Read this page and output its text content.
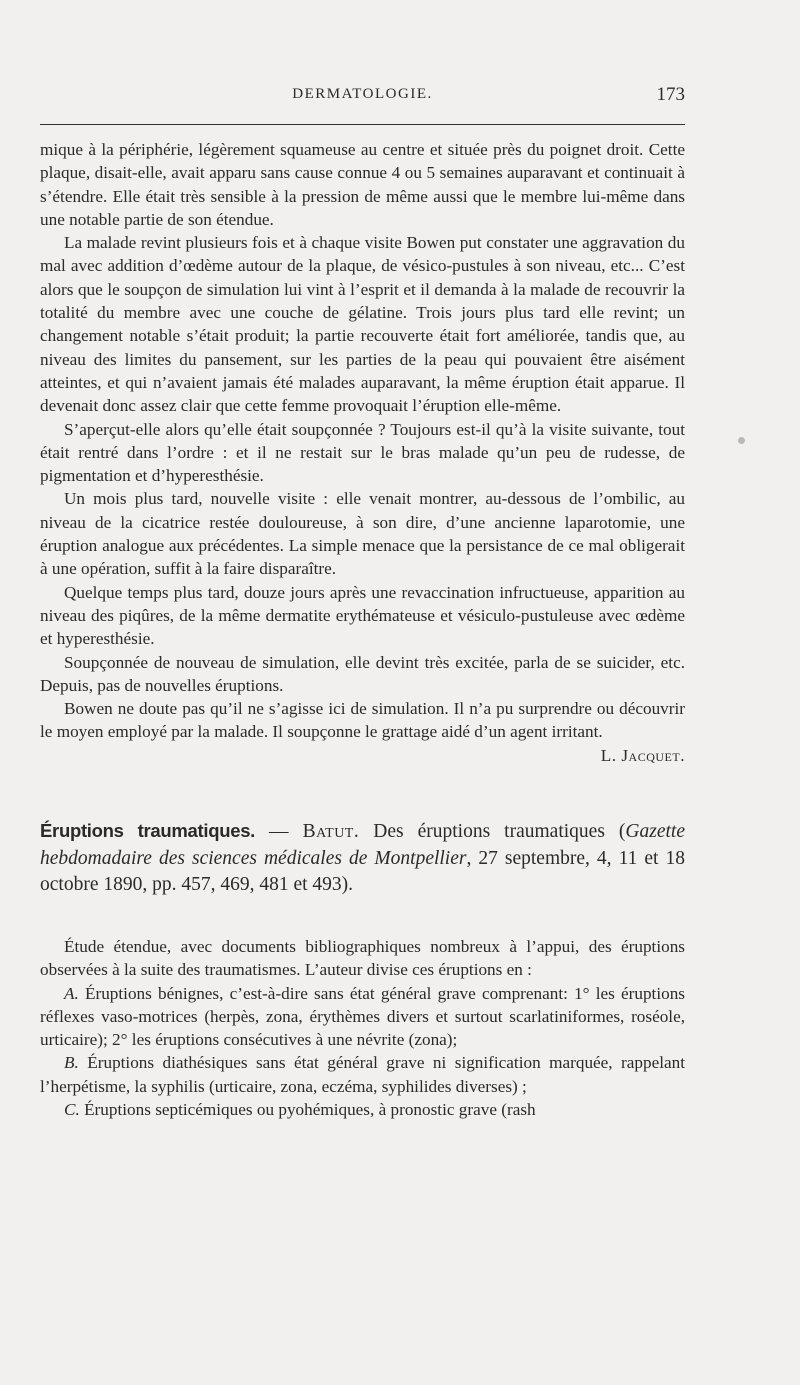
DERMATOLOGIE.	173

mique à la périphérie, légèrement squameuse au centre et située près du poignet droit. Cette plaque, disait-elle, avait apparu sans cause connue 4 ou 5 semaines auparavant et continuait à s’étendre. Elle était très sensible à la pression de même aussi que le membre lui-même dans une notable partie de son étendue.

La malade revint plusieurs fois et à chaque visite Bowen put constater une aggravation du mal avec addition d’œdème autour de la plaque, de vésico-pustules à son niveau, etc... C’est alors que le soupçon de simulation lui vint à l’esprit et il demanda à la malade de recouvrir la totalité du membre avec une couche de gélatine. Trois jours plus tard elle revint; un changement notable s’était produit; la partie recouverte était fort améliorée, tandis que, au niveau des limites du pansement, sur les parties de la peau qui pouvaient être aisément atteintes, et qui n’avaient jamais été malades auparavant, la même éruption était apparue. Il devenait donc assez clair que cette femme provoquait l’éruption elle-même.

S’aperçut-elle alors qu’elle était soupçonnée ? Toujours est-il qu’à la visite suivante, tout était rentré dans l’ordre : et il ne restait sur le bras malade qu’un peu de rudesse, de pigmentation et d’hyperesthésie.

Un mois plus tard, nouvelle visite : elle venait montrer, au-dessous de l’ombilic, au niveau de la cicatrice restée douloureuse, à son dire, d’une ancienne laparotomie, une éruption analogue aux précédentes. La simple menace que la persistance de ce mal obligerait à une opération, suffit à la faire disparaître.

Quelque temps plus tard, douze jours après une revaccination infructueuse, apparition au niveau des piqûres, de la même dermatite erythémateuse et vésiculo-pustuleuse avec œdème et hyperesthésie.

Soupçonnée de nouveau de simulation, elle devint très excitée, parla de se suicider, etc. Depuis, pas de nouvelles éruptions.

Bowen ne doute pas qu’il ne s’agisse ici de simulation. Il n’a pu surprendre ou découvrir le moyen employé par la malade. Il soupçonne le grattage aidé d’un agent irritant.
L. Jacquet.

Éruptions traumatiques. — Batut. Des éruptions traumatiques (Gazette hebdomadaire des sciences médicales de Montpellier, 27 septembre, 4, 11 et 18 octobre 1890, pp. 457, 469, 481 et 493).

Étude étendue, avec documents bibliographiques nombreux à l’appui, des éruptions observées à la suite des traumatismes. L’auteur divise ces éruptions en :

A. Éruptions bénignes, c’est-à-dire sans état général grave comprenant: 1° les éruptions réflexes vaso-motrices (herpès, zona, érythèmes divers et surtout scarlatiniformes, roséole, urticaire); 2° les éruptions consécutives à une névrite (zona);

B. Éruptions diathésiques sans état général grave ni signification marquée, rappelant l’herpétisme, la syphilis (urticaire, zona, eczéma, syphilides diverses) ;

C. Éruptions septicémiques ou pyohémiques, à pronostic grave (rash
